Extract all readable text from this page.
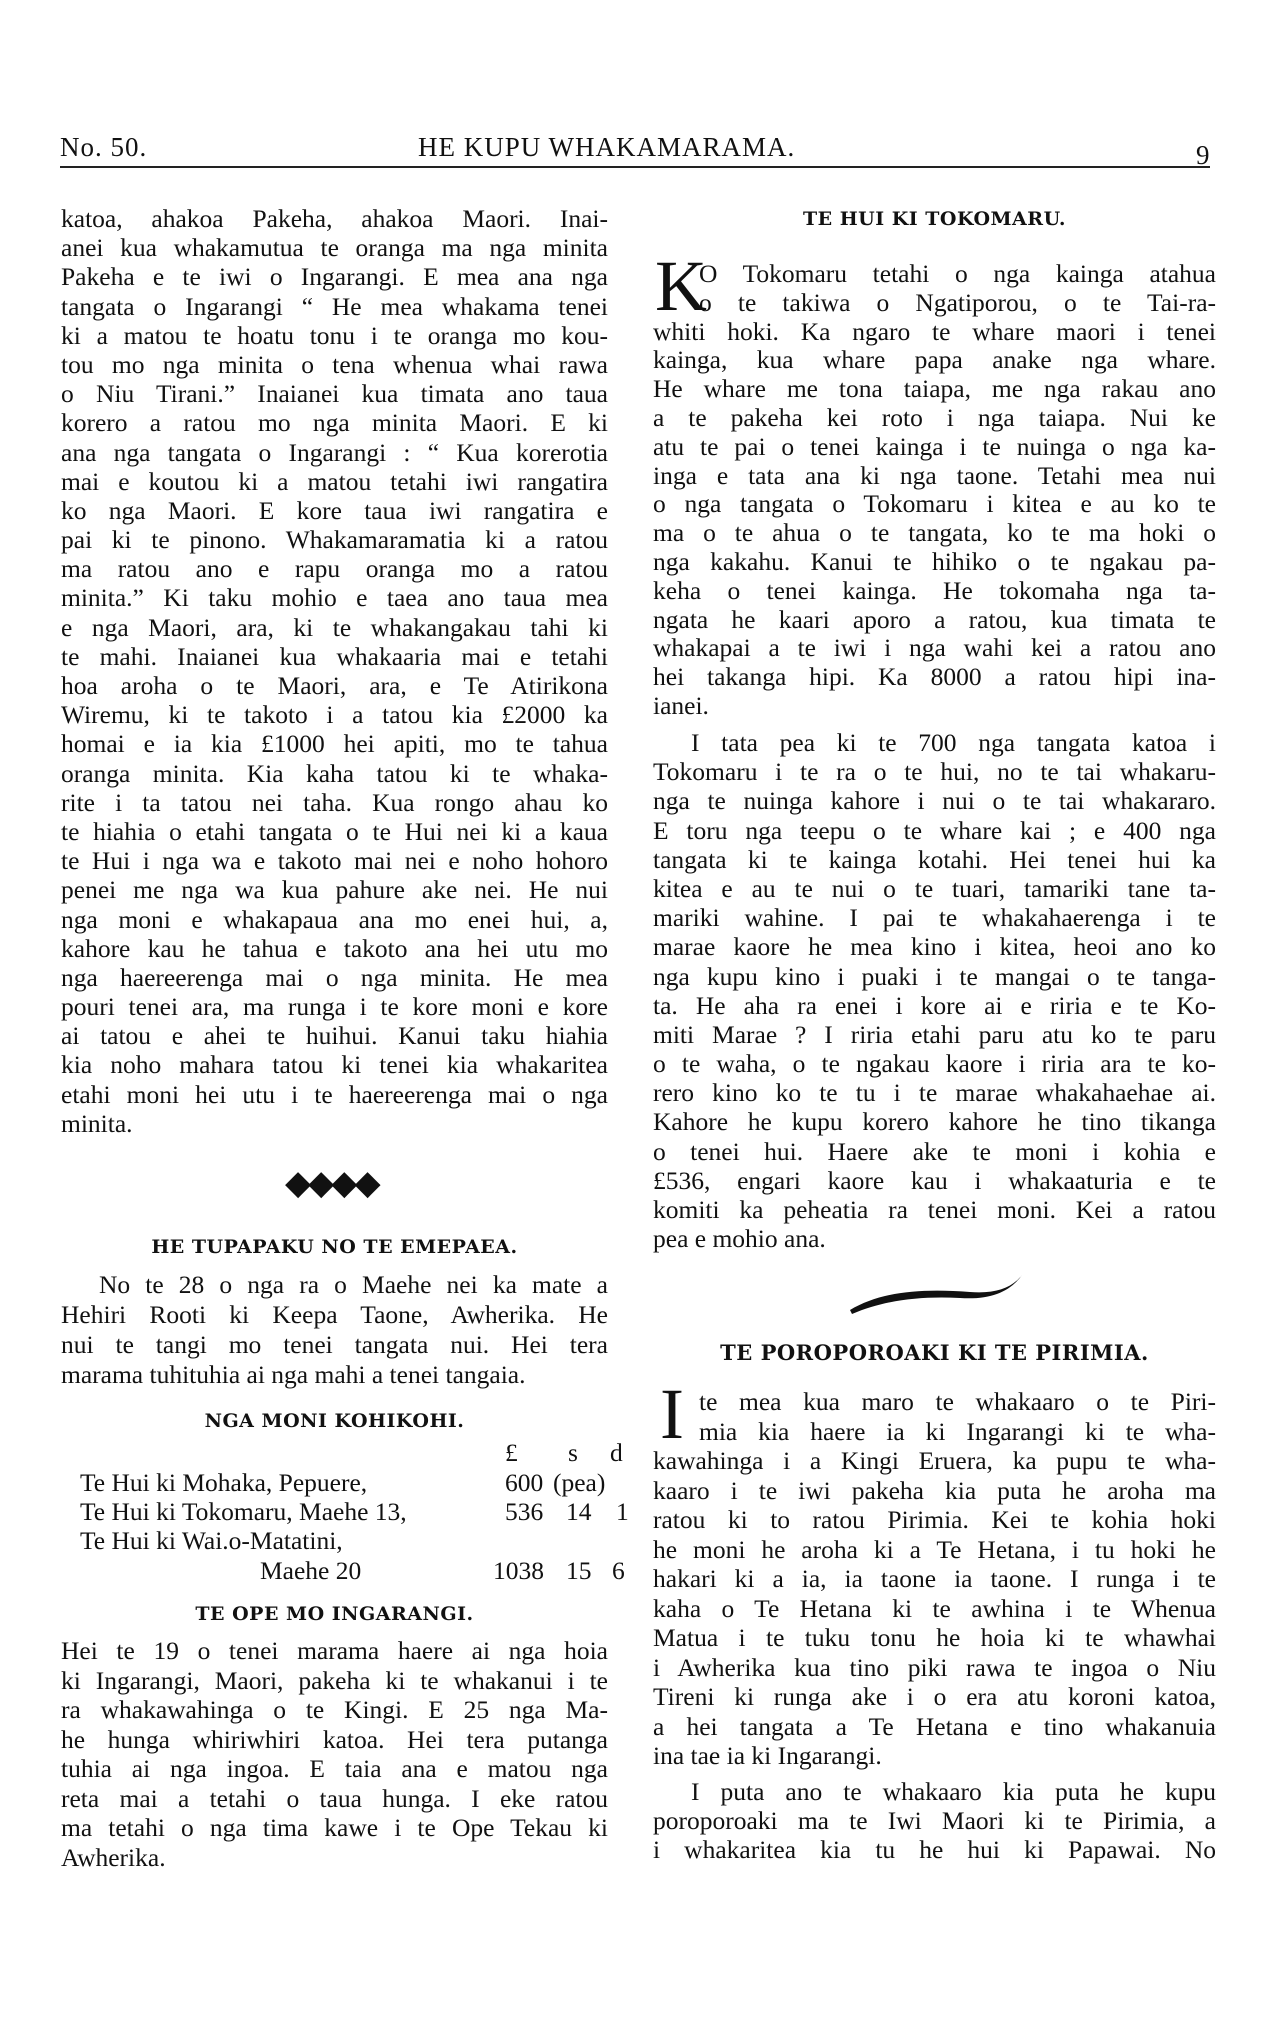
No. 50.	HE KUPU WHAKAMARAMA.	9
katoa, ahakoa Pakeha, ahakoa Maori. Inai-
anei kua whakamutua te oranga ma nga minita
Pakeha e te iwi o Ingarangi. E mea ana nga
tangata o Ingarangi “ He mea whakama tenei
ki a matou te hoatu tonu i te oranga mo kou-
tou mo nga minita o tena whenua whai rawa
o Niu Tirani.” Inaianei kua timata ano taua
korero a ratou mo nga minita Maori. E ki
ana nga tangata o Ingarangi : “ Kua korerotia
mai e koutou ki a matou tetahi iwi rangatira
ko nga Maori. E kore taua iwi rangatira e
pai ki te pinono. Whakamaramatia ki a ratou
ma ratou ano e rapu oranga mo a ratou
minita.” Ki taku mohio e taea ano taua mea
e nga Maori, ara, ki te whakangakau tahi ki
te mahi. Inaianei kua whakaaria mai e tetahi
hoa aroha o te Maori, ara, e Te Atirikona
Wiremu, ki te takoto i a tatou kia £2000 ka
homai e ia kia £1000 hei apiti, mo te tahua
oranga minita. Kia kaha tatou ki te whaka-
rite i ta tatou nei taha. Kua rongo ahau ko
te hiahia o etahi tangata o te Hui nei ki a kaua
te Hui i nga wa e takoto mai nei e noho hohoro
penei me nga wa kua pahure ake nei. He nui
nga moni e whakapaua ana mo enei hui, a,
kahore kau he tahua e takoto ana hei utu mo
nga haereerenga mai o nga minita. He mea
pouri tenei ara, ma runga i te kore moni e kore
ai tatou e ahei te huihui. Kanui taku hiahia
kia noho mahara tatou ki tenei kia whakaritea
etahi moni hei utu i te haereerenga mai o nga
minita.
◆◆◆◆
HE TUPAPAKU NO TE EMEPAEA.
No te 28 o nga ra o Maehe nei ka mate a
Hehiri Rooti ki Keepa Taone, Awherika. He
nui te tangi mo tenei tangata nui. Hei tera
marama tuhituhia ai nga mahi a tenei tangaia.
NGA MONI KOHIKOHI.
£ s d
Te Hui ki Mohaka, Pepuere,	600 (pea)
Te Hui ki Tokomaru, Maehe 13,	536 14 1
Te Hui ki Wai.o-Matatini,
Maehe 20	1038 15 6
TE OPE MO INGARANGI.
Hei te 19 o tenei marama haere ai nga hoia
ki Ingarangi, Maori, pakeha ki te whakanui i te
ra whakawahinga o te Kingi. E 25 nga Ma-
he hunga whiriwhiri katoa. Hei tera putanga
tuhia ai nga ingoa. E taia ana e matou nga
reta mai a tetahi o taua hunga. I eke ratou
ma tetahi o nga tima kawe i te Ope Tekau ki
Awherika.
TE HUI KI TOKOMARU.
K
O Tokomaru tetahi o nga kainga atahua
o te takiwa o Ngatiporou, o te Tai-ra-
whiti hoki. Ka ngaro te whare maori i tenei
kainga, kua whare papa anake nga whare.
He whare me tona taiapa, me nga rakau ano
a te pakeha kei roto i nga taiapa. Nui ke
atu te pai o tenei kainga i te nuinga o nga ka-
inga e tata ana ki nga taone. Tetahi mea nui
o nga tangata o Tokomaru i kitea e au ko te
ma o te ahua o te tangata, ko te ma hoki o
nga kakahu. Kanui te hihiko o te ngakau pa-
keha o tenei kainga. He tokomaha nga ta-
ngata he kaari aporo a ratou, kua timata te
whakapai a te iwi i nga wahi kei a ratou ano
hei takanga hipi. Ka 8000 a ratou hipi ina-
ianei.
I tata pea ki te 700 nga tangata katoa i
Tokomaru i te ra o te hui, no te tai whakaru-
nga te nuinga kahore i nui o te tai whakararo.
E toru nga teepu o te whare kai ; e 400 nga
tangata ki te kainga kotahi. Hei tenei hui ka
kitea e au te nui o te tuari, tamariki tane ta-
mariki wahine. I pai te whakahaerenga i te
marae kaore he mea kino i kitea, heoi ano ko
nga kupu kino i puaki i te mangai o te tanga-
ta. He aha ra enei i kore ai e riria e te Ko-
miti Marae ? I riria etahi paru atu ko te paru
o te waha, o te ngakau kaore i riria ara te ko-
rero kino ko te tu i te marae whakahaehae ai.
Kahore he kupu korero kahore he tino tikanga
o tenei hui. Haere ake te moni i kohia e
£536, engari kaore kau i whakaaturia e te
komiti ka peheatia ra tenei moni. Kei a ratou
pea e mohio ana.
TE POROPOROAKI KI TE PIRIMIA.
I te mea kua maro te whakaaro o te Piri-
mia kia haere ia ki Ingarangi ki te wha-
kawahinga i a Kingi Eruera, ka pupu te wha-
kaaro i te iwi pakeha kia puta he aroha ma
ratou ki to ratou Pirimia. Kei te kohia hoki
he moni he aroha ki a Te Hetana, i tu hoki he
hakari ki a ia, ia taone ia taone. I runga i te
kaha o Te Hetana ki te awhina i te Whenua
Matua i te tuku tonu he hoia ki te whawhai
i Awherika kua tino piki rawa te ingoa o Niu
Tireni ki runga ake i o era atu koroni katoa,
a hei tangata a Te Hetana e tino whakanuia
ina tae ia ki Ingarangi.
I puta ano te whakaaro kia puta he kupu
poroporoaki ma te Iwi Maori ki te Pirimia, a
i whakaritea kia tu he hui ki Papawai. No
